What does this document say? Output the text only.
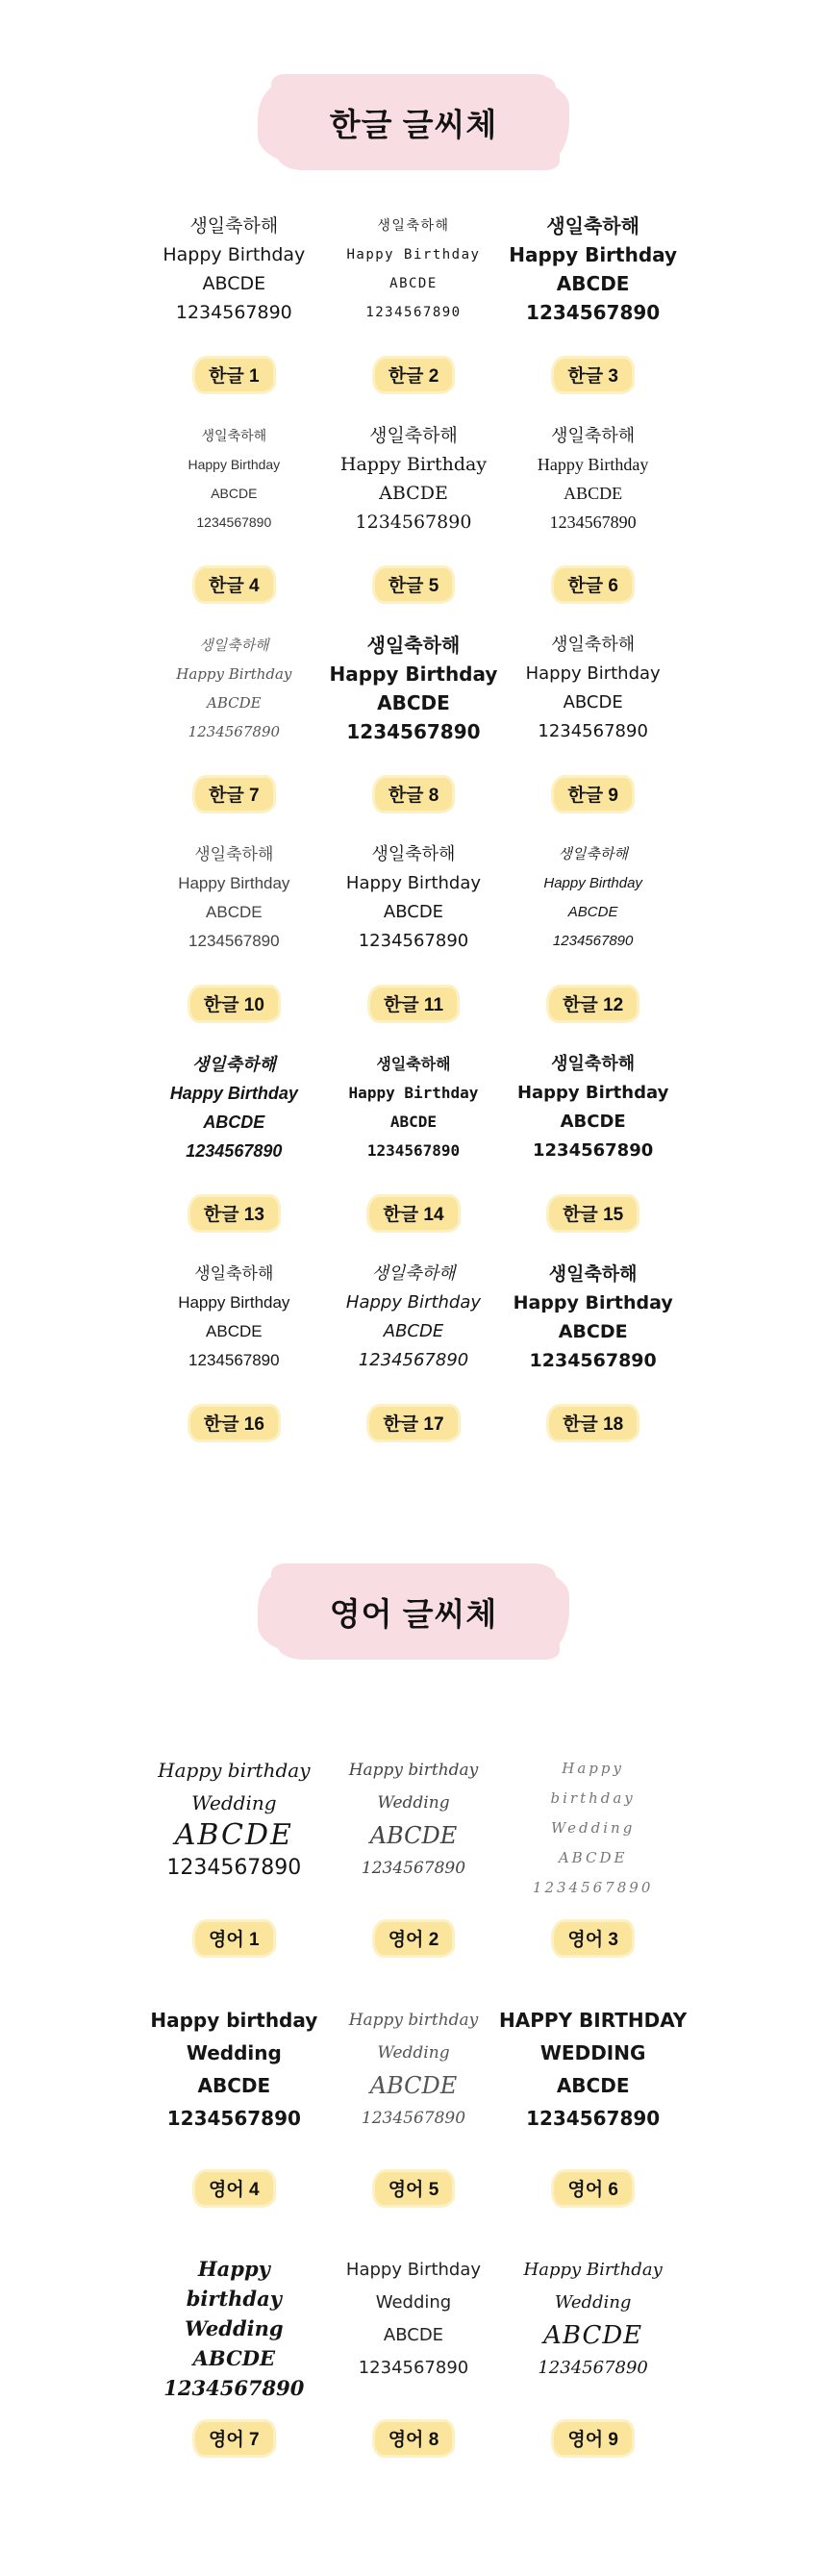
한글 글씨체
생일축하해
Happy Birthday
ABCDE
1234567890
한글 1
생일축하해
Happy Birthday
ABCDE
1234567890
한글 2
생일축하해
Happy Birthday
ABCDE
1234567890
한글 3
생일축하해
Happy Birthday
ABCDE
1234567890
한글 4
생일축하해
Happy Birthday
ABCDE
1234567890
한글 5
생일축하해
Happy Birthday
ABCDE
1234567890
한글 6
생일축하해
Happy Birthday
ABCDE
1234567890
한글 7
생일축하해
Happy Birthday
ABCDE
1234567890
한글 8
생일축하해
Happy Birthday
ABCDE
1234567890
한글 9
생일축하해
Happy Birthday
ABCDE
1234567890
한글 10
생일축하해
Happy Birthday
ABCDE
1234567890
한글 11
생일축하해
Happy Birthday
ABCDE
1234567890
한글 12
생일축하해
Happy Birthday
ABCDE
1234567890
한글 13
생일축하해
Happy Birthday
ABCDE
1234567890
한글 14
생일축하해
Happy Birthday
ABCDE
1234567890
한글 15
생일축하해
Happy Birthday
ABCDE
1234567890
한글 16
생일축하해
Happy Birthday
ABCDE
1234567890
한글 17
생일축하해
Happy Birthday
ABCDE
1234567890
한글 18
영어 글씨체
Happy birthday
Wedding
ABCDE
1234567890
영어 1
Happy birthday
Wedding
ABCDE
1234567890
영어 2
Happy
birthday
Wedding
ABCDE
1234567890
영어 3
Happy birthday
Wedding
ABCDE
1234567890
영어 4
Happy birthday
Wedding
ABCDE
1234567890
영어 5
HAPPY BIRTHDAY
WEDDING
ABCDE
1234567890
영어 6
Happy
birthday
Wedding
ABCDE
1234567890
영어 7
Happy Birthday
Wedding
ABCDE
1234567890
영어 8
Happy Birthday
Wedding
ABCDE
1234567890
영어 9
